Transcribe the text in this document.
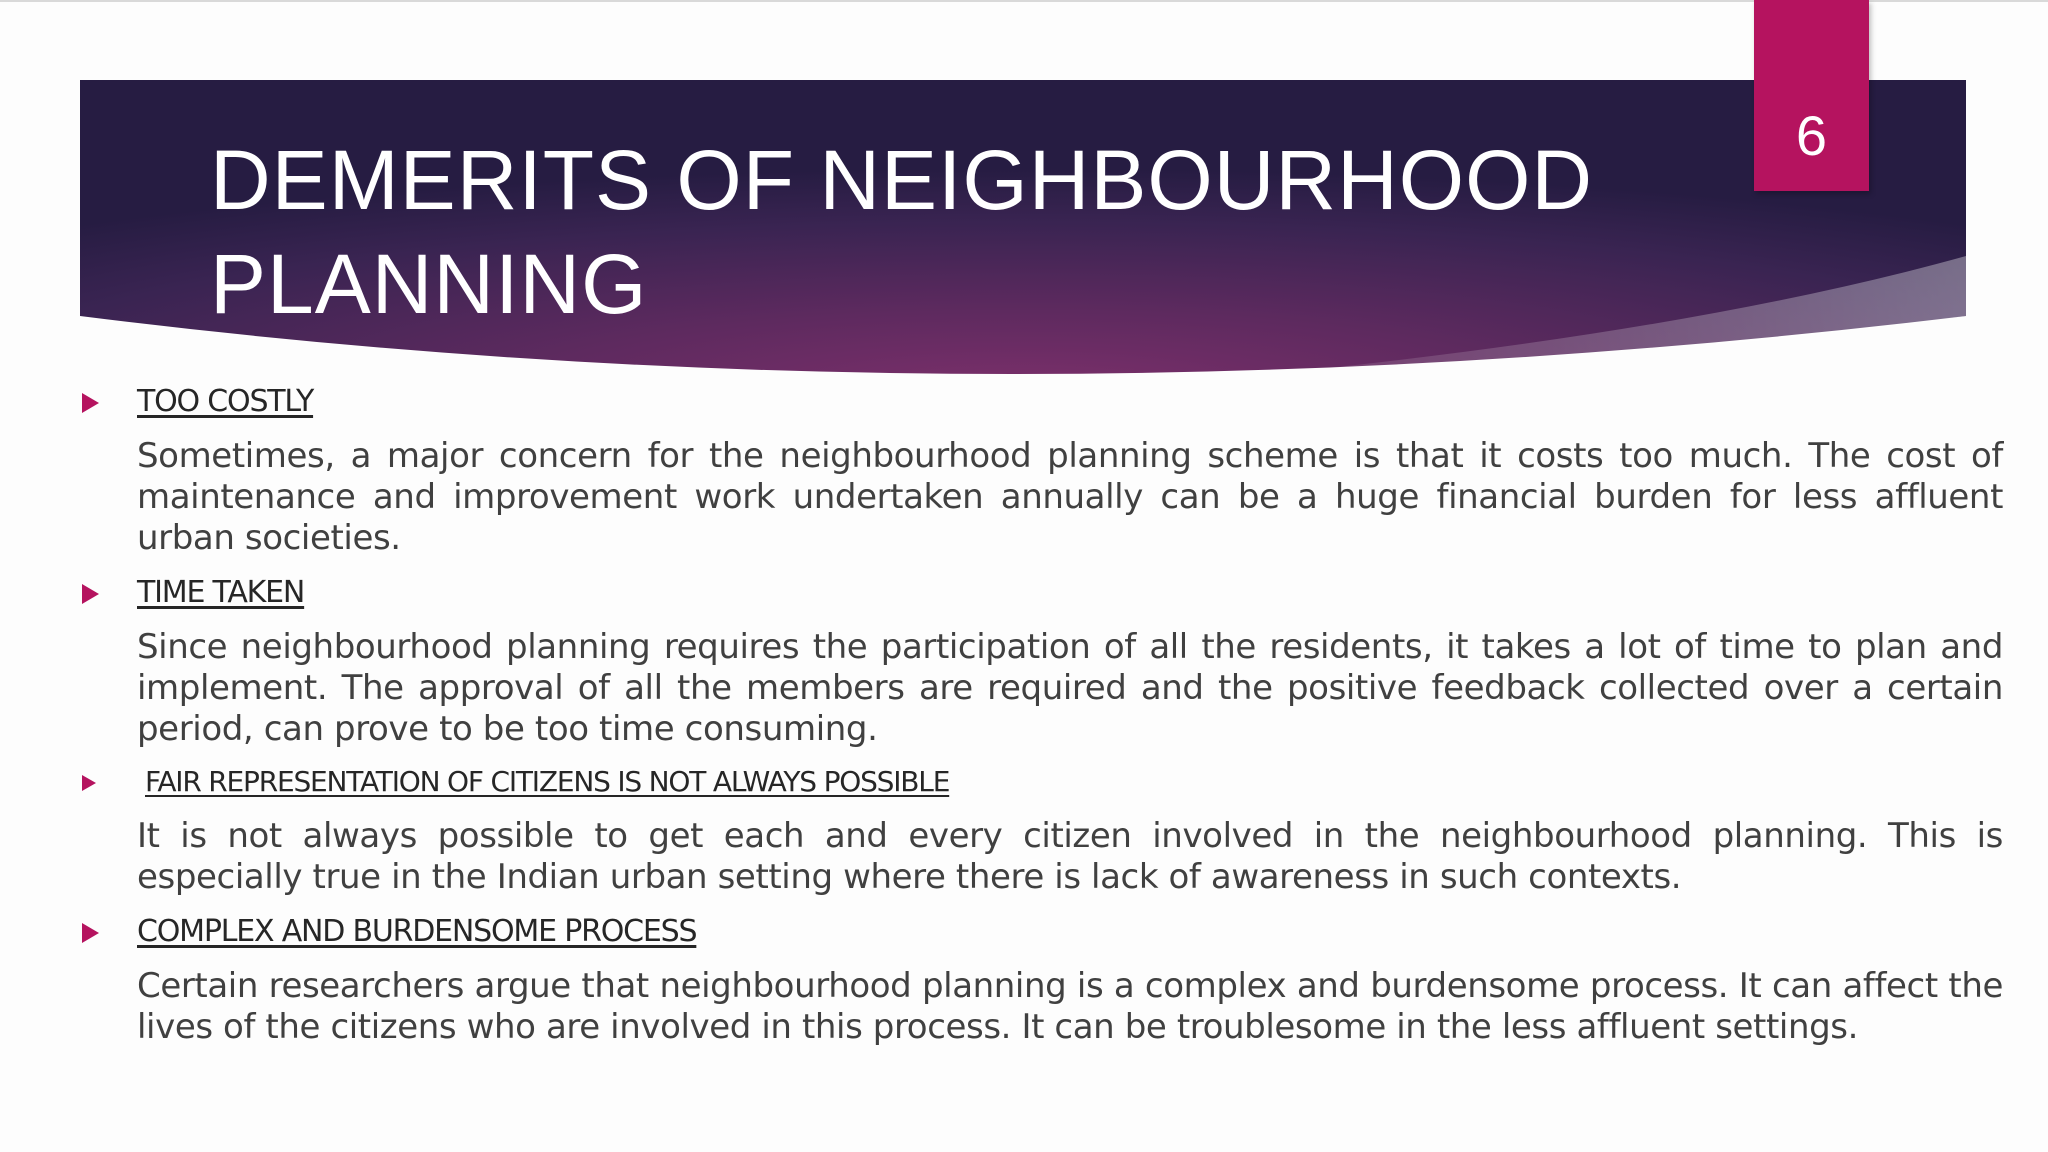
DEMERITS OF NEIGHBOURHOOD PLANNING
6
TOO COSTLY
Sometimes, a major concern for the neighbourhood planning scheme is that it costs too much. The cost of maintenance and improvement work undertaken annually can be a huge financial burden for less affluent urban societies.
TIME TAKEN
Since neighbourhood planning requires the participation of all the residents, it takes a lot of time to plan and implement. The approval of all the members are required and the positive feedback collected over a certain period, can prove to be too time consuming.
FAIR REPRESENTATION OF CITIZENS IS NOT ALWAYS POSSIBLE
It is not always possible to get each and every citizen involved in the neighbourhood planning. This is especially true in the Indian urban setting where there is lack of awareness in such contexts.
COMPLEX AND BURDENSOME PROCESS
Certain researchers argue that neighbourhood planning is a complex and burdensome process. It can affect the lives of the citizens who are involved in this process. It can be troublesome in the less affluent settings.
